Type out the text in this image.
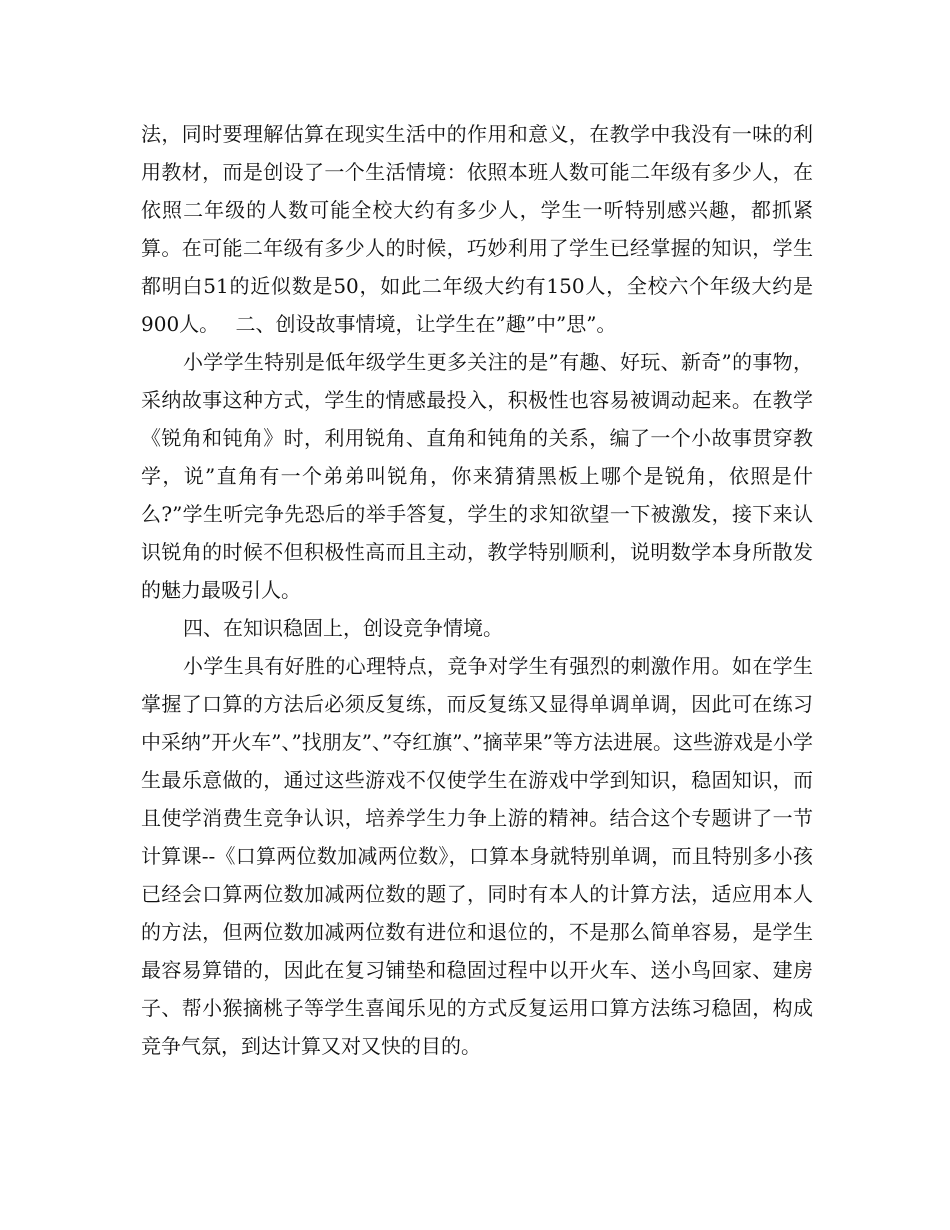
法，同时要理解估算在现实生活中的作用和意义，在教学中我没有一味的利用教材，而是创设了一个生活情境：依照本班人数可能二年级有多少人，在依照二年级的人数可能全校大约有多少人，学生一听特别感兴趣，都抓紧算。在可能二年级有多少人的时候，巧妙利用了学生已经掌握的知识，学生都明白51的近似数是50，如此二年级大约有150人，全校六个年级大约是900人。　 二、创设故事情境，让学生在”趣”中”思”。

小学学生特别是低年级学生更多关注的是”有趣、好玩、新奇”的事物，采纳故事这种方式，学生的情感最投入，积极性也容易被调动起来。在教学《锐角和钝角》时，利用锐角、直角和钝角的关系，编了一个小故事贯穿教学，说”直角有一个弟弟叫锐角，你来猜猜黑板上哪个是锐角，依照是什么?”学生听完争先恐后的举手答复，学生的求知欲望一下被激发，接下来认识锐角的时候不但积极性高而且主动，教学特别顺利，说明数学本身所散发的魅力最吸引人。

四、在知识稳固上，创设竞争情境。

小学生具有好胜的心理特点，竞争对学生有强烈的刺激作用。如在学生掌握了口算的方法后必须反复练，而反复练又显得单调单调，因此可在练习中采纳”开火车”、”找朋友”、”夺红旗”、”摘苹果”等方法进展。这些游戏是小学生最乐意做的，通过这些游戏不仅使学生在游戏中学到知识，稳固知识，而且使学消费生竞争认识，培养学生力争上游的精神。结合这个专题讲了一节计算课--《口算两位数加减两位数》，口算本身就特别单调，而且特别多小孩已经会口算两位数加减两位数的题了，同时有本人的计算方法，适应用本人的方法，但两位数加减两位数有进位和退位的，不是那么简单容易，是学生最容易算错的，因此在复习铺垫和稳固过程中以开火车、送小鸟回家、建房子、帮小猴摘桃子等学生喜闻乐见的方式反复运用口算方法练习稳固，构成竞争气氛，到达计算又对又快的目的。
